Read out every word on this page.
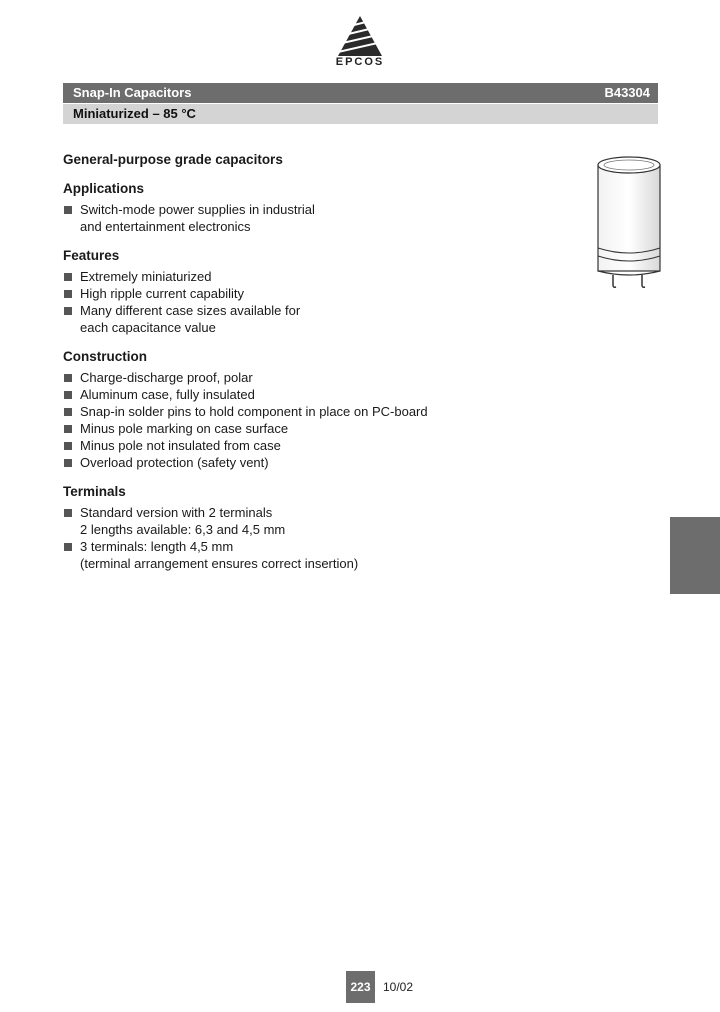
EPCOS
Snap-In Capacitors	B43304
Miniaturized – 85 °C
General-purpose grade capacitors
Applications
Switch-mode power supplies in industrial
and entertainment electronics
Features
Extremely miniaturized
High ripple current capability
Many different case sizes available for
each capacitance value
Construction
Charge-discharge proof, polar
Aluminum case, fully insulated
Snap-in solder pins to hold component in place on PC-board
Minus pole marking on case surface
Minus pole not insulated from case
Overload protection (safety vent)
Terminals
Standard version with 2 terminals
2 lengths available: 6,3 and 4,5 mm
3 terminals: length 4,5 mm
(terminal arrangement ensures correct insertion)
223	10/02
